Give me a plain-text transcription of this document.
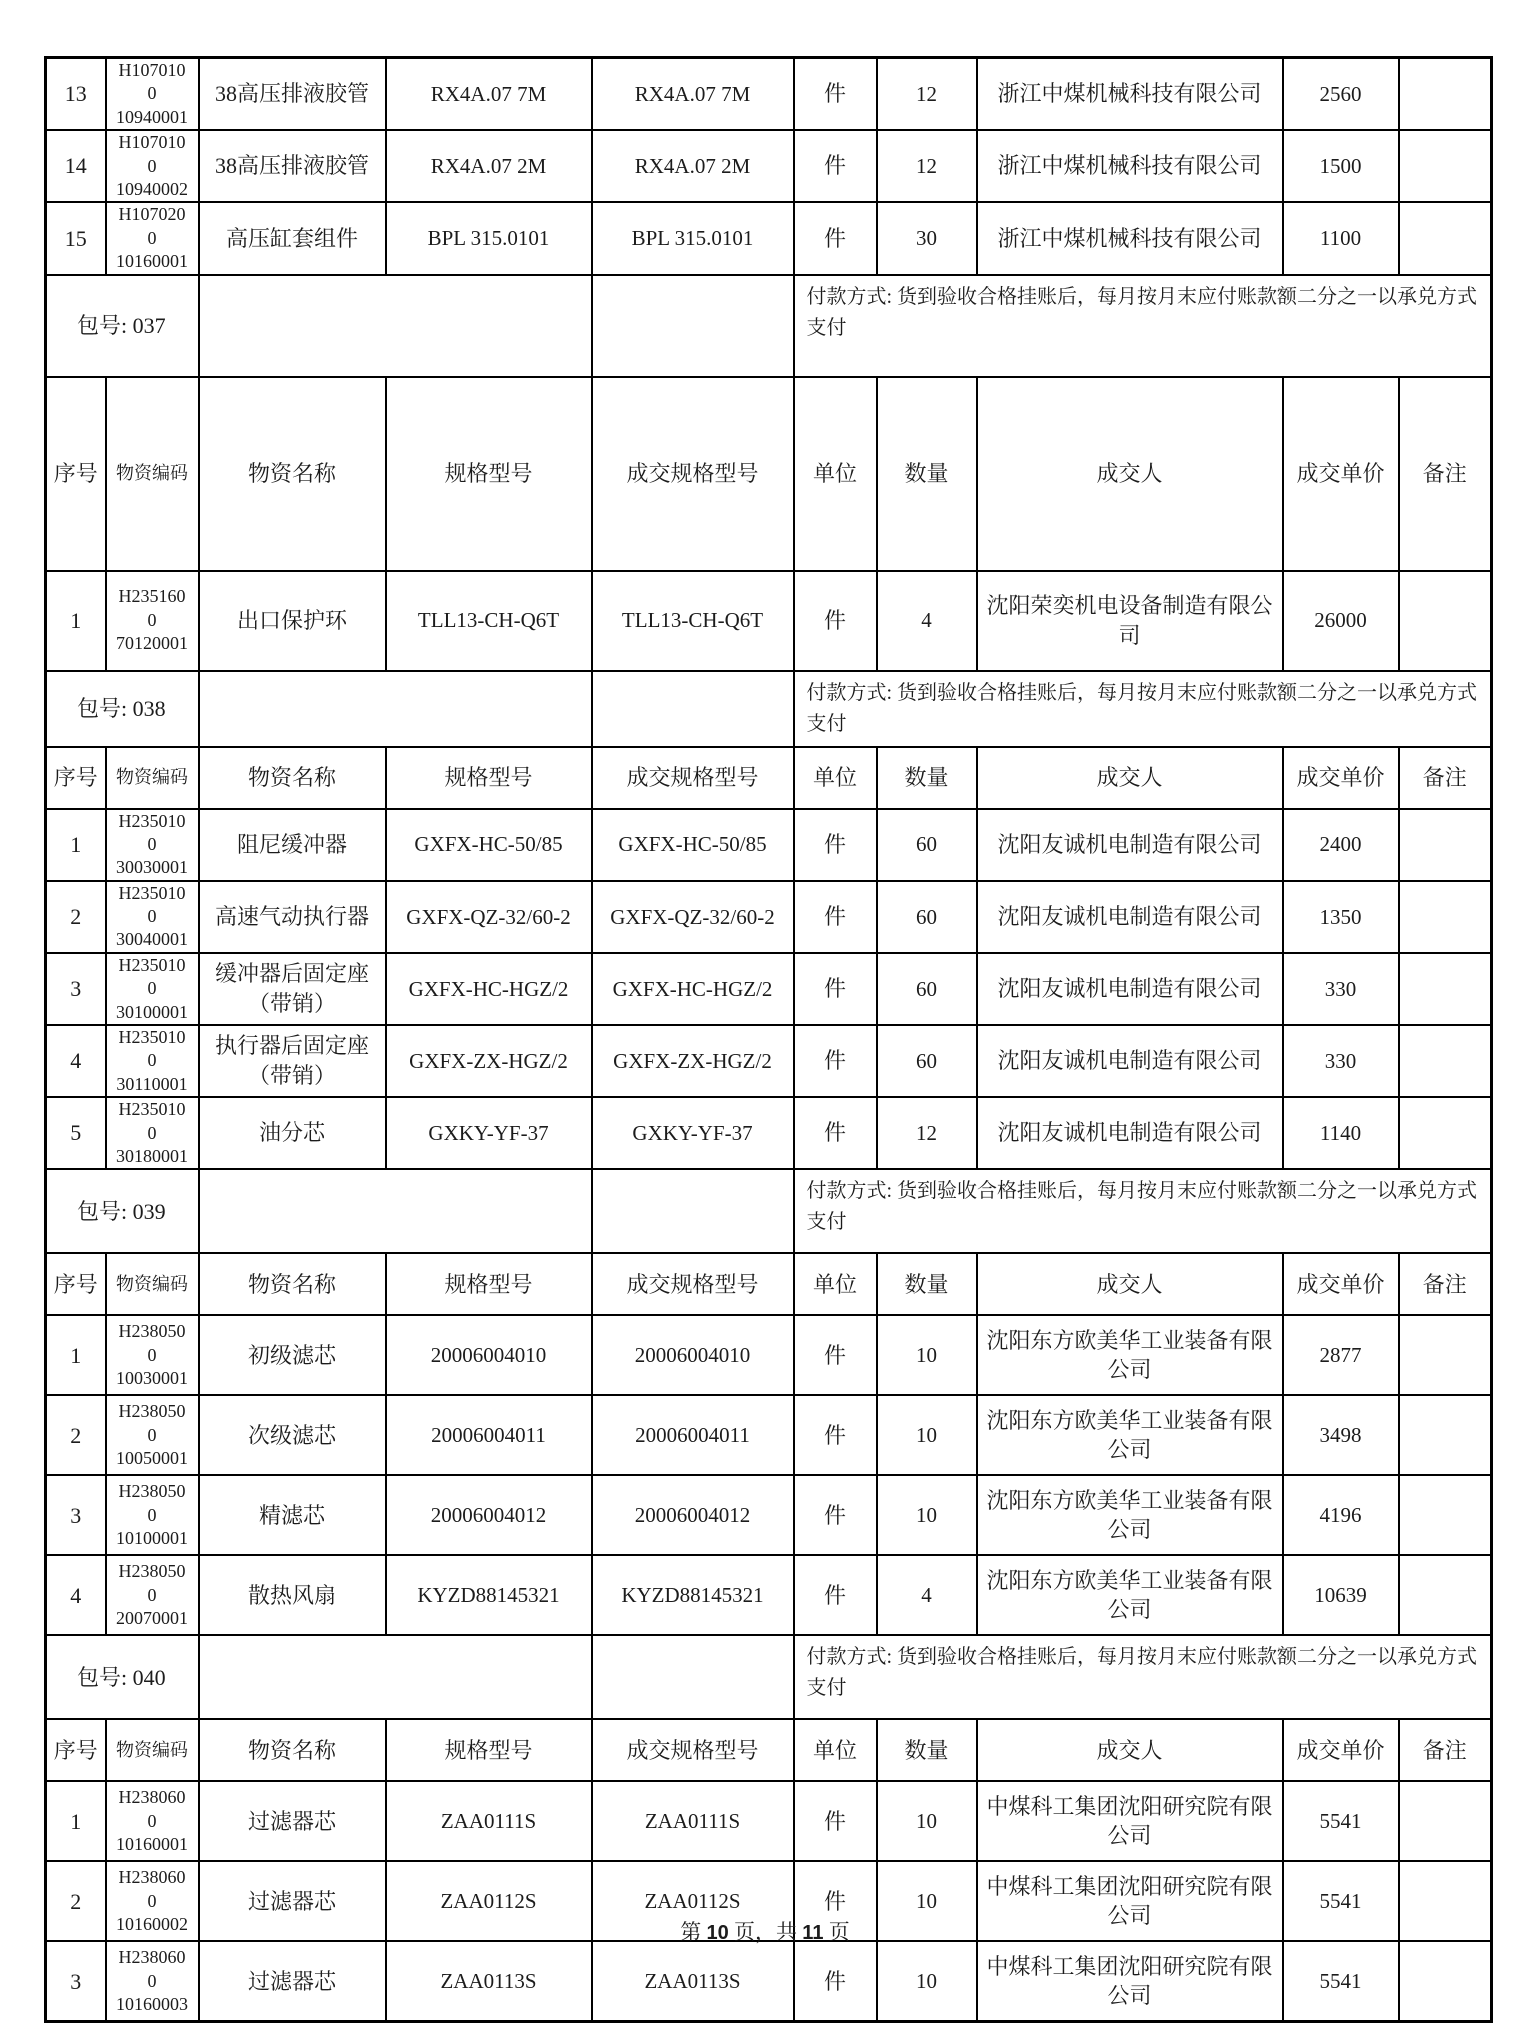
13	H1070100 10940001	38高压排液胶管	RX4A.07 7M	RX4A.07 7M	件	12	浙江中煤机械科技有限公司	2560	
14	H1070100 10940002	38高压排液胶管	RX4A.07 2M	RX4A.07 2M	件	12	浙江中煤机械科技有限公司	1500	
15	H1070200 10160001	高压缸套组件	BPL 315.0101	BPL 315.0101	件	30	浙江中煤机械科技有限公司	1100	
包号: 037					付款方式: 货到验收合格挂账后，每月按月末应付账款额二分之一以承兑方式支付				
序号	物资编码	物资名称	规格型号	成交规格型号	单位	数量	成交人	成交单价	备注
1	H2351600 70120001	出口保护环	TLL13-CH-Q6T	TLL13-CH-Q6T	件	4	沈阳荣奕机电设备制造有限公司	26000	
包号: 038					付款方式: 货到验收合格挂账后，每月按月末应付账款额二分之一以承兑方式支付				
序号	物资编码	物资名称	规格型号	成交规格型号	单位	数量	成交人	成交单价	备注
1	H2350100 30030001	阻尼缓冲器	GXFX-HC-50/85	GXFX-HC-50/85	件	60	沈阳友诚机电制造有限公司	2400	
2	H2350100 30040001	高速气动执行器	GXFX-QZ-32/60-2	GXFX-QZ-32/60-2	件	60	沈阳友诚机电制造有限公司	1350	
3	H2350100 30100001	缓冲器后固定座（带销）	GXFX-HC-HGZ/2	GXFX-HC-HGZ/2	件	60	沈阳友诚机电制造有限公司	330	
4	H2350100 30110001	执行器后固定座（带销）	GXFX-ZX-HGZ/2	GXFX-ZX-HGZ/2	件	60	沈阳友诚机电制造有限公司	330	
5	H2350100 30180001	油分芯	GXKY-YF-37	GXKY-YF-37	件	12	沈阳友诚机电制造有限公司	1140	
包号: 039					付款方式: 货到验收合格挂账后，每月按月末应付账款额二分之一以承兑方式支付				
序号	物资编码	物资名称	规格型号	成交规格型号	单位	数量	成交人	成交单价	备注
1	H2380500 10030001	初级滤芯	20006004010	20006004010	件	10	沈阳东方欧美华工业装备有限公司	2877	
2	H2380500 10050001	次级滤芯	20006004011	20006004011	件	10	沈阳东方欧美华工业装备有限公司	3498	
3	H2380500 10100001	精滤芯	20006004012	20006004012	件	10	沈阳东方欧美华工业装备有限公司	4196	
4	H2380500 20070001	散热风扇	KYZD88145321	KYZD88145321	件	4	沈阳东方欧美华工业装备有限公司	10639	
包号: 040					付款方式: 货到验收合格挂账后，每月按月末应付账款额二分之一以承兑方式支付				
序号	物资编码	物资名称	规格型号	成交规格型号	单位	数量	成交人	成交单价	备注
1	H2380600 10160001	过滤器芯	ZAA0111S	ZAA0111S	件	10	中煤科工集团沈阳研究院有限公司	5541	
2	H2380600 10160002	过滤器芯	ZAA0112S	ZAA0112S	件	10	中煤科工集团沈阳研究院有限公司	5541	
3	H2380600 10160003	过滤器芯	ZAA0113S	ZAA0113S	件	10	中煤科工集团沈阳研究院有限公司	5541	
第 10 页，共 11 页
